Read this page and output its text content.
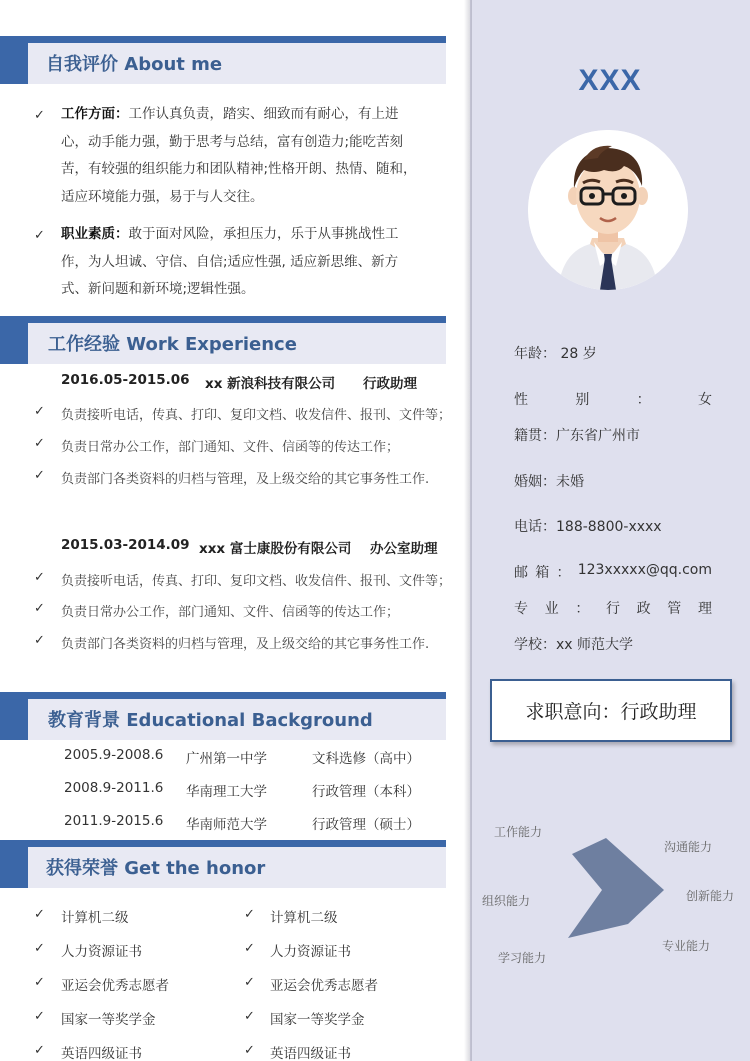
XXX
年龄： 28 岁
性	别	：	女
籍贯：广东省广州市
婚姻：未婚
电话：188-8800-xxxx
邮 箱 ： 123xxxxx@qq.com
专 业 ： 行 政 管 理
学校：xx 师范大学
求职意向：行政助理
工作能力
沟通能力
创新能力
专业能力
学习能力
组织能力
自我评价 About me
✓ 工作方面：工作认真负责，踏实、细致而有耐心，有上进心，动手能力强，勤于思考与总结，富有创造力;能吃苦刻苦，有较强的组织能力和团队精神;性格开朗、热情、随和，适应环境能力强，易于与人交往。
✓ 职业素质：敢于面对风险，承担压力，乐于从事挑战性工作，为人坦诚、守信、自信;适应性强, 适应新思维、新方式、新问题和新环境;逻辑性强。
工作经验 Work Experience
2016.05-2015.06 xx 新浪科技有限公司 行政助理
✓ 负责接听电话，传真、打印、复印文档、收发信件、报刊、文件等；
✓ 负责日常办公工作，部门通知、文件、信函等的传达工作；
✓ 负责部门各类资料的归档与管理，及上级交给的其它事务性工作.
2015.03-2014.09 xxx 富士康股份有限公司 办公室助理
✓ 负责接听电话，传真、打印、复印文档、收发信件、报刊、文件等；
✓ 负责日常办公工作，部门通知、文件、信函等的传达工作；
✓ 负责部门各类资料的归档与管理，及上级交给的其它事务性工作.
教育背景 Educational Background
2005.9-2008.6 广州第一中学	文科选修（高中）
2008.9-2011.6 华南理工大学	行政管理（本科）
2011.9-2015.6 华南师范大学	行政管理（硕士）
获得荣誉 Get the honor
✓ 计算机二级	✓ 计算机二级
✓ 人力资源证书	✓ 人力资源证书
✓ 亚运会优秀志愿者	✓ 亚运会优秀志愿者
✓ 国家一等奖学金	✓ 国家一等奖学金
✓ 英语四级证书	✓ 英语四级证书
